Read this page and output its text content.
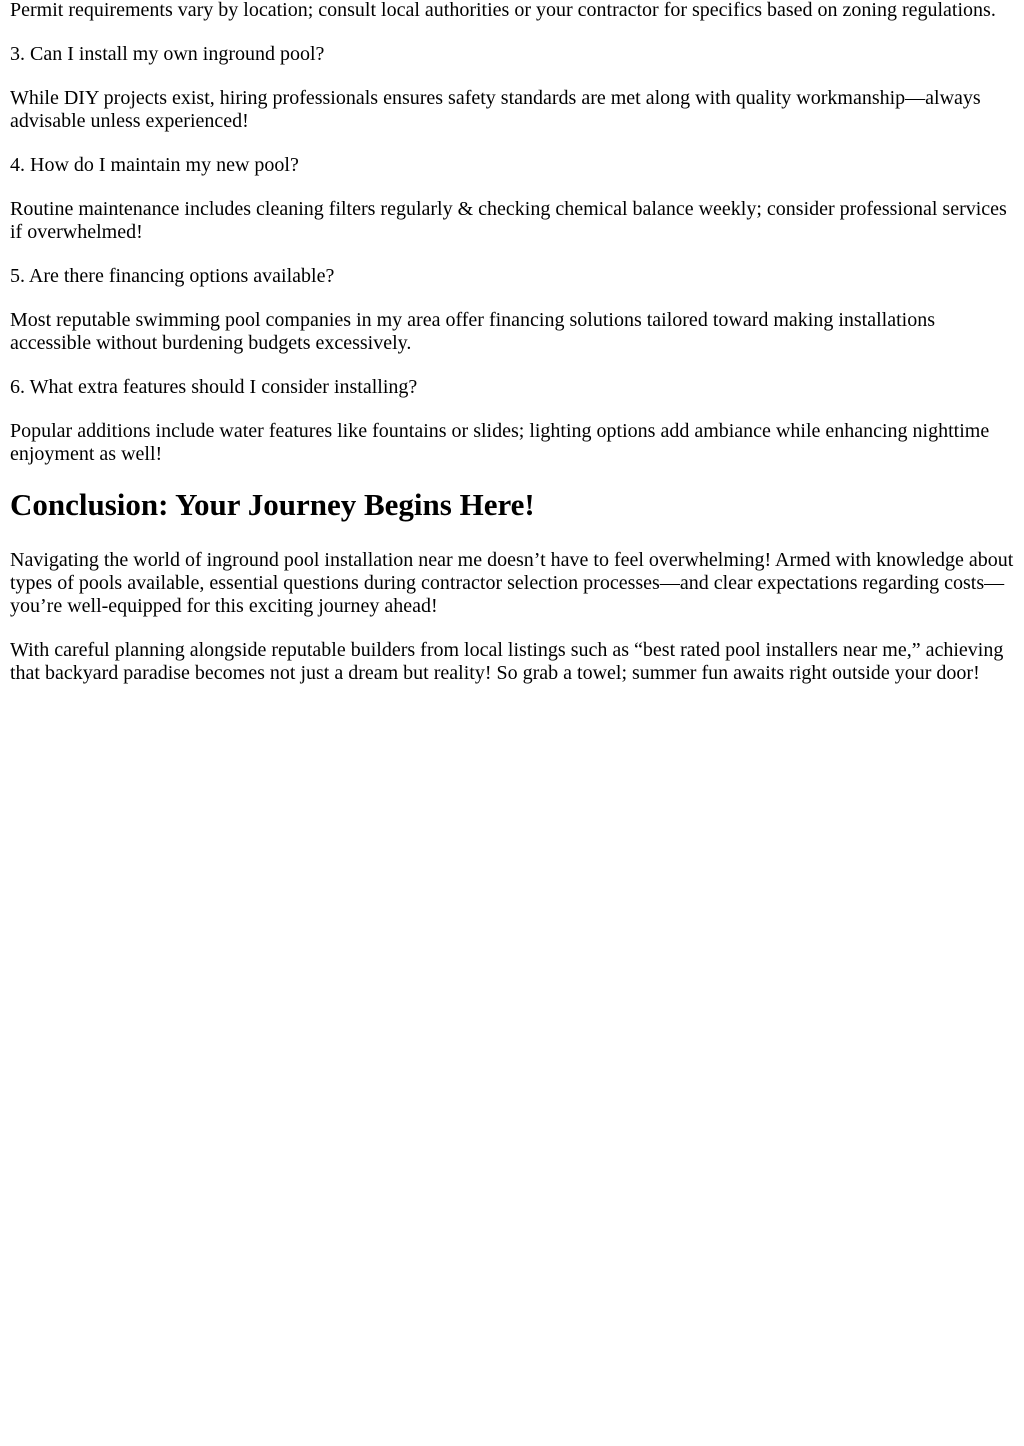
Permit requirements vary by location; consult local authorities or your contractor for specifics based on zoning regulations.

3. Can I install my own inground pool?

While DIY projects exist, hiring professionals ensures safety standards are met along with quality workmanship—always advisable unless experienced!

4. How do I maintain my new pool?

Routine maintenance includes cleaning filters regularly & checking chemical balance weekly; consider professional services if overwhelmed!

5. Are there financing options available?

Most reputable swimming pool companies in my area offer financing solutions tailored toward making installations accessible without burdening budgets excessively.

6. What extra features should I consider installing?

Popular additions include water features like fountains or slides; lighting options add ambiance while enhancing nighttime enjoyment as well!

Conclusion: Your Journey Begins Here!

Navigating the world of inground pool installation near me doesn’t have to feel overwhelming! Armed with knowledge about types of pools available, essential questions during contractor selection processes—and clear expectations regarding costs—you’re well-equipped for this exciting journey ahead!

With careful planning alongside reputable builders from local listings such as “best rated pool installers near me,” achieving that backyard paradise becomes not just a dream but reality! So grab a towel; summer fun awaits right outside your door!
